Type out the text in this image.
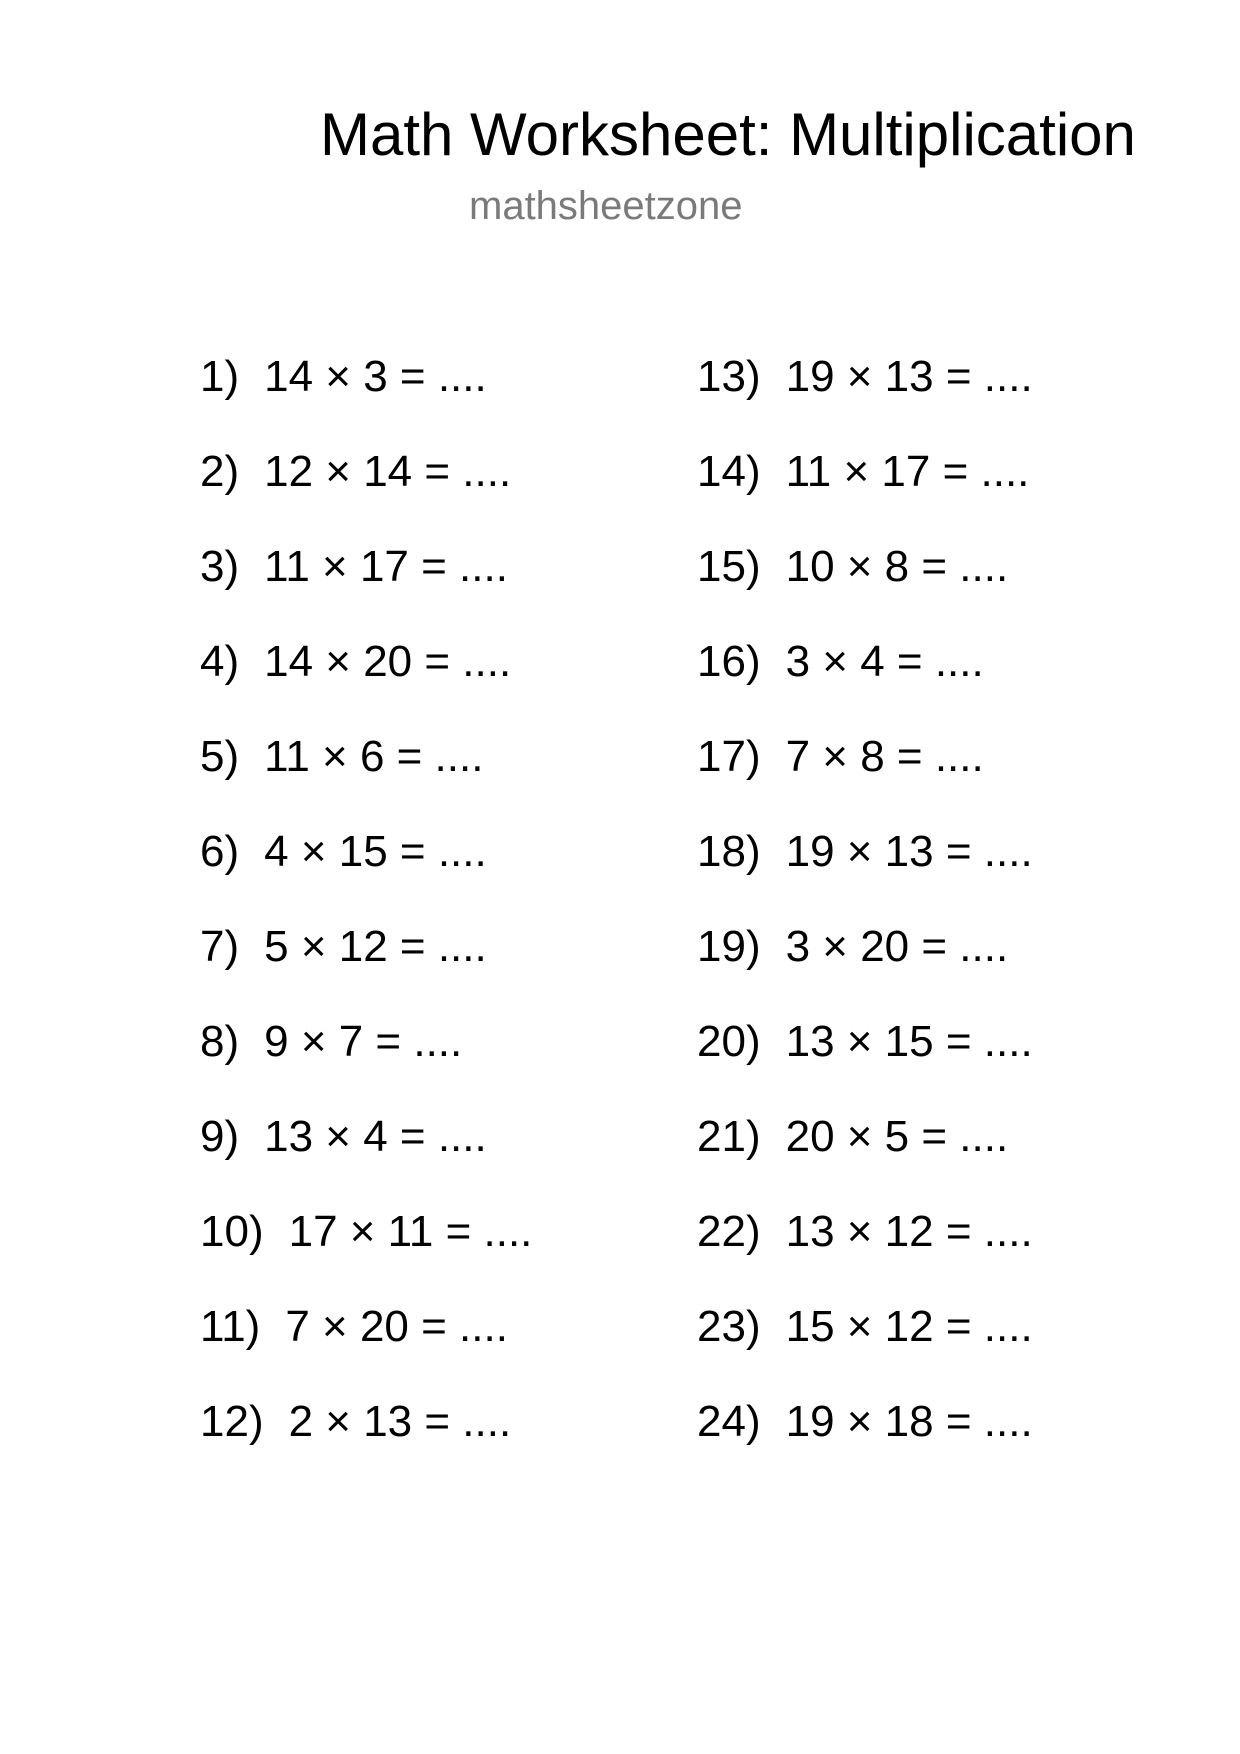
Math Worksheet: Multiplication
mathsheetzone
1) 14 × 3 = ....
2) 12 × 14 = ....
3) 11 × 17 = ....
4) 14 × 20 = ....
5) 11 × 6 = ....
6) 4 × 15 = ....
7) 5 × 12 = ....
8) 9 × 7 = ....
9) 13 × 4 = ....
10) 17 × 11 = ....
11) 7 × 20 = ....
12) 2 × 13 = ....
13) 19 × 13 = ....
14) 11 × 17 = ....
15) 10 × 8 = ....
16) 3 × 4 = ....
17) 7 × 8 = ....
18) 19 × 13 = ....
19) 3 × 20 = ....
20) 13 × 15 = ....
21) 20 × 5 = ....
22) 13 × 12 = ....
23) 15 × 12 = ....
24) 19 × 18 = ....
